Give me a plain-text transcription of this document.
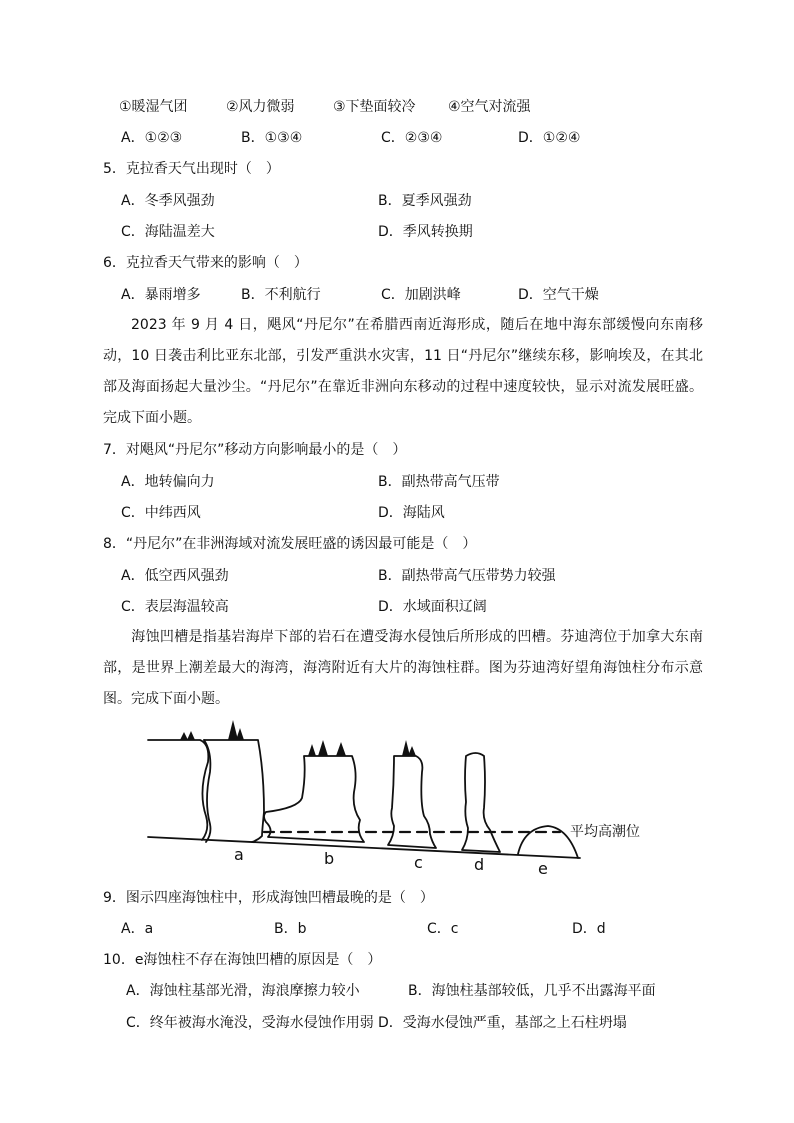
①暖湿气团	②风力微弱	③下垫面较冷 ④空气对流强
A．①②③	B．①③④	C．②③④	D．①②④
5．克拉香天气出现时（　）
A．冬季风强劲	B．夏季风强劲
C．海陆温差大	D．季风转换期
6．克拉香天气带来的影响（　）
A．暴雨增多	B．不利航行	C．加剧洪峰	D．空气干燥
2023 年 9 月 4 日，飓风“丹尼尔”在希腊西南近海形成，随后在地中海东部缓慢向东南移动，10 日袭击利比亚东北部，引发严重洪水灾害，11 日“丹尼尔”继续东移，影响埃及，在其北部及海面扬起大量沙尘。“丹尼尔”在靠近非洲向东移动的过程中速度较快，显示对流发展旺盛。完成下面小题。
7．对飓风“丹尼尔”移动方向影响最小的是（　）
A．地转偏向力	B．副热带高气压带
C．中纬西风	D．海陆风
8．“丹尼尔”在非洲海域对流发展旺盛的诱因最可能是（　）
A．低空西风强劲	B．副热带高气压带势力较强
C．表层海温较高	D．水域面积辽阔
海蚀凹槽是指基岩海岸下部的岩石在遭受海水侵蚀后所形成的凹槽。芬迪湾位于加拿大东南部，是世界上潮差最大的海湾，海湾附近有大片的海蚀柱群。图为芬迪湾好望角海蚀柱分布示意图。完成下面小题。
平均高潮位
a	b	c	d	e
9．图示四座海蚀柱中，形成海蚀凹槽最晚的是（　）
A．a	B．b	C．c	D．d
10．e海蚀柱不存在海蚀凹槽的原因是（　）
A．海蚀柱基部光滑，海浪摩擦力较小	B．海蚀柱基部较低，几乎不出露海平面
C．终年被海水淹没，受海水侵蚀作用弱 D．受海水侵蚀严重，基部之上石柱坍塌
